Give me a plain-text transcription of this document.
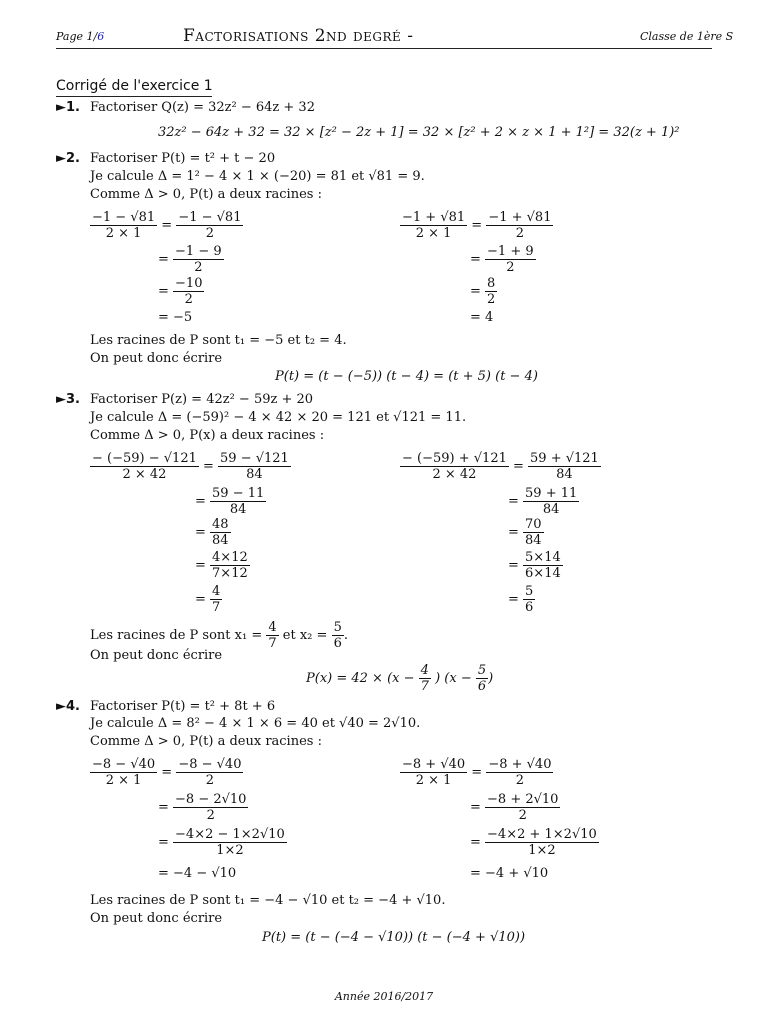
Page 1/6	Factorisations 2nd degré -	Classe de 1ère S
Corrigé de l'exercice 1
►1. Factoriser Q(z) = 32z² − 64z + 32
32z² − 64z + 32 = 32 × [z² − 2z + 1] = 32 × [z² + 2 × z × 1 + 1²] = 32(z + 1)²
►2. Factoriser P(t) = t² + t − 20
Je calcule Δ = 1² − 4 × 1 × (−20) = 81 et √81 = 9.
Comme Δ > 0, P(t) a deux racines :
$\frac{-1 - √81}{2 \times 1} = \frac{-1 - √81}{2}$
= $\frac{-1 - 9}{2}$
= $\frac{-10}{2}$
= −5
$\frac{-1 + √81}{2 \times 1} = \frac{-1 + √81}{2}$
= $\frac{-1 + 9}{2}$
= $\frac{8}{2}$
= 4
Les racines de P sont t₁ = −5 et t₂ = 4.
On peut donc écrire
P(t) = (t − (−5)) (t − 4) = (t + 5) (t − 4)
►3. Factoriser P(z) = 42z² − 59z + 20
Je calcule Δ = (−59)² − 4 × 42 × 20 = 121 et √121 = 11.
Comme Δ > 0, P(x) a deux racines :
$\frac{- (-59) - √121}{2 \times 42} = \frac{59 - √121}{84}$
= $\frac{59 - 11}{84}$
= $\frac{48}{84}$
= $\frac{4\times 12}{7\times 12}$
= $\frac{4}{7}$
$\frac{- (-59) + √121}{2 \times 42} = \frac{59 + √121}{84}$
= $\frac{59 + 11}{84}$
= $\frac{70}{84}$
= $\frac{5\times 14}{6\times 14}$
= $\frac{5}{6}$
Les racines de P sont $x_1 = \frac{4}{7}$ et $x_2 = \frac{5}{6}$ .
On peut donc écrire
$P(x) = 42 \times (x - \frac{4}{7}$ ) ($x - \frac{5}{6}$ )
►4. Factoriser P(t) = t² + 8t + 6
Je calcule Δ = 8² − 4 × 1 × 6 = 40 et √40 = 2√10.
Comme Δ > 0, P(t) a deux racines :
$\frac{-8 - √40}{2 \times 1} = \frac{-8 - √40}{2}$
= $\frac{-8 - 2√10}{2}$
= $\frac{-4\times 2 - 1\times 2√10}{1\times 2}$
= −4 − √10
$\frac{-8 + √40}{2 \times 1} = \frac{-8 + √40}{2}$
= $\frac{-8 + 2√10}{2}$
= $\frac{-4\times 2 + 1\times 2√10}{1\times 2}$
= −4 + √10
Les racines de P sont t₁ = −4 − √10 et t₂ = −4 + √10.
On peut donc écrire
P(t) = (t − (−4 − √10)) (t − (−4 + √10))
Année 2016/2017
